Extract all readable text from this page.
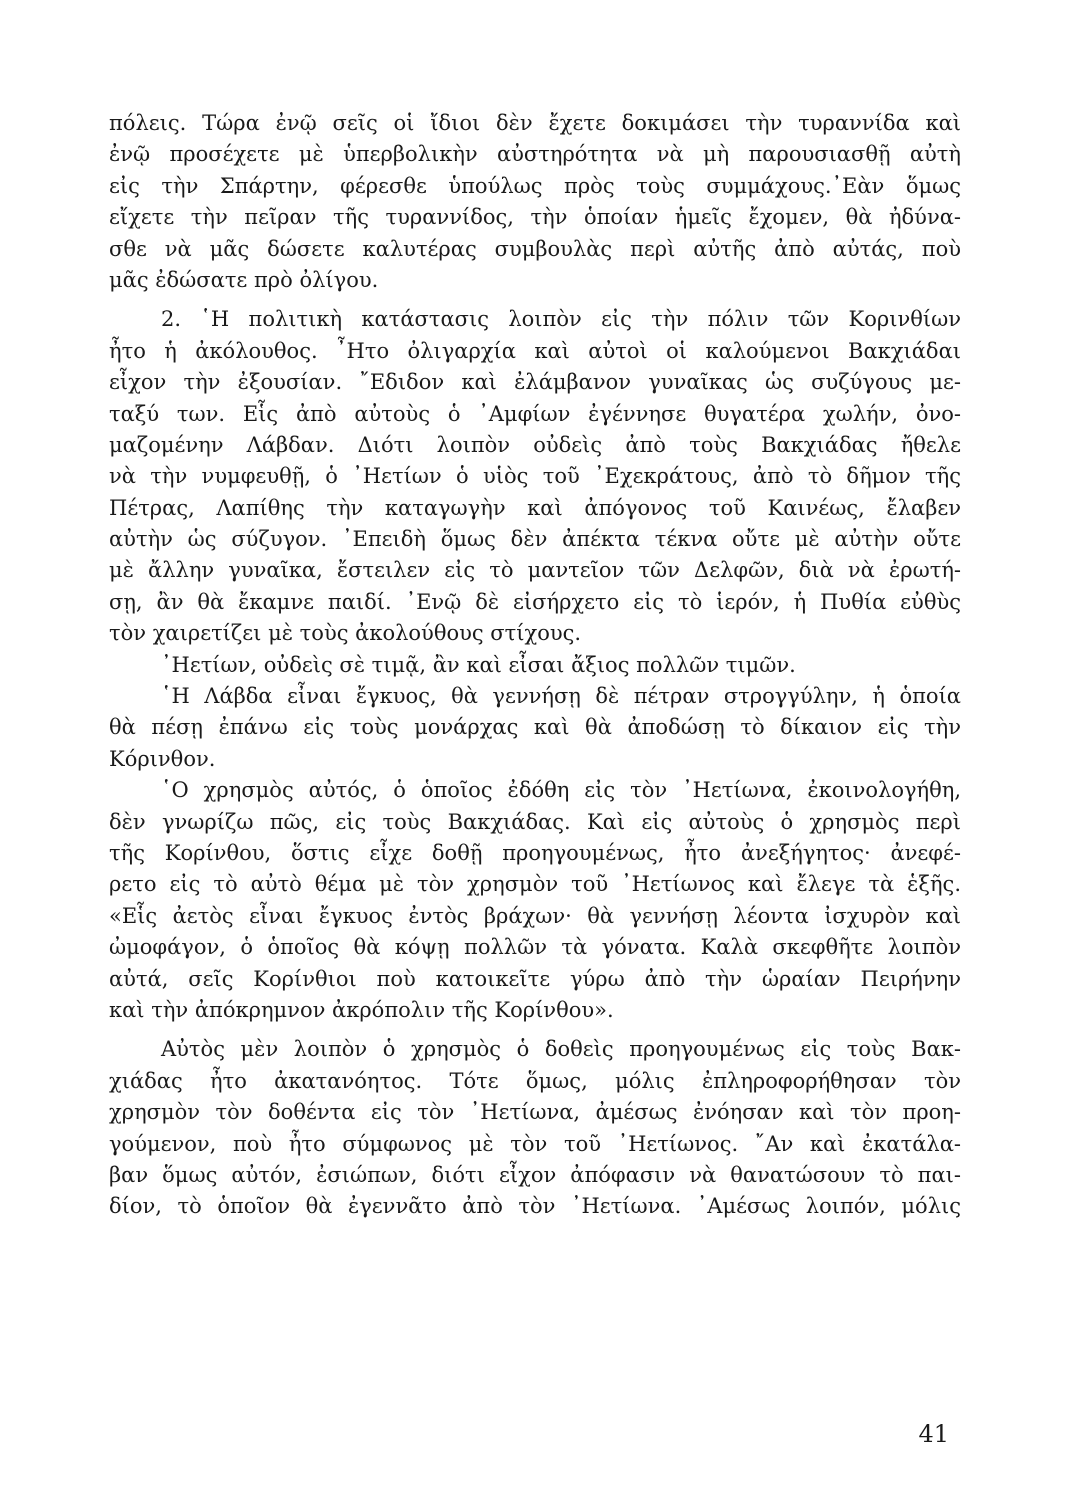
πόλεις. Τώρα ἐνῷ σεῖς οἱ ἴδιοι δὲν ἔχετε δοκιμάσει τὴν τυραννίδα καὶ
ἐνῷ προσέχετε μὲ ὑπερβολικὴν αὐστηρότητα νὰ μὴ παρουσιασθῇ αὐτὴ
εἰς τὴν Σπάρτην, φέρεσθε ὑπούλως πρὸς τοὺς συμμάχους.᾿Εὰν ὅμως
εἴχετε τὴν πεῖραν τῆς τυραννίδος, τὴν ὁποίαν ἡμεῖς ἔχομεν, θὰ ἠδύνα-
σθε νὰ μᾶς δώσετε καλυτέρας συμβουλὰς περὶ αὐτῆς ἀπὸ αὐτάς, ποὺ
μᾶς ἐδώσατε πρὸ ὀλίγου.
2. ῾Η πολιτικὴ κατάστασις λοιπὸν εἰς τὴν πόλιν τῶν Κορινθίων
ἦτο ἡ ἀκόλουθος. ῏Ητο ὀλιγαρχία καὶ αὐτοὶ οἱ καλούμενοι Βακχιάδαι
εἶχον τὴν ἐξουσίαν. ῎Εδιδον καὶ ἐλάμβανον γυναῖκας ὡς συζύγους με-
ταξύ των. Εἷς ἀπὸ αὐτοὺς ὁ ᾿Αμφίων ἐγέννησε θυγατέρα χωλήν, ὀνο-
μαζομένην Λάβδαν. Διότι λοιπὸν οὐδεὶς ἀπὸ τοὺς Βακχιάδας ἤθελε
νὰ τὴν νυμφευθῇ, ὁ ᾿Ηετίων ὁ υἱὸς τοῦ ᾿Εχεκράτους, ἀπὸ τὸ δῆμον τῆς
Πέτρας, Λαπίθης τὴν καταγωγὴν καὶ ἀπόγονος τοῦ Καινέως, ἔλαβεν
αὐτὴν ὡς σύζυγον. ᾿Επειδὴ ὅμως δὲν ἀπέκτα τέκνα οὔτε μὲ αὐτὴν οὔτε
μὲ ἄλλην γυναῖκα, ἔστειλεν εἰς τὸ μαντεῖον τῶν Δελφῶν, διὰ νὰ ἐρωτή-
σῃ, ἂν θὰ ἔκαμνε παιδί. ᾿Ενῷ δὲ εἰσήρχετο εἰς τὸ ἱερόν, ἡ Πυθία εὐθὺς
τὸν χαιρετίζει μὲ τοὺς ἀκολούθους στίχους.
᾿Ηετίων, οὐδεὶς σὲ τιμᾷ, ἂν καὶ εἶσαι ἄξιος πολλῶν τιμῶν.
῾Η Λάβδα εἶναι ἔγκυος, θὰ γεννήσῃ δὲ πέτραν στρογγύλην, ἡ ὁποία
θὰ πέσῃ ἐπάνω εἰς τοὺς μονάρχας καὶ θὰ ἀποδώσῃ τὸ δίκαιον εἰς τὴν
Κόρινθον.
῾Ο χρησμὸς αὐτός, ὁ ὁποῖος ἐδόθη εἰς τὸν ᾿Ηετίωνα, ἐκοινολογήθη,
δὲν γνωρίζω πῶς, εἰς τοὺς Βακχιάδας. Καὶ εἰς αὐτοὺς ὁ χρησμὸς περὶ
τῆς Κορίνθου, ὅστις εἶχε δοθῇ προηγουμένως, ἦτο ἀνεξήγητος· ἀνεφέ-
ρετο εἰς τὸ αὐτὸ θέμα μὲ τὸν χρησμὸν τοῦ ᾿Ηετίωνος καὶ ἔλεγε τὰ ἑξῆς.
«Εἷς ἀετὸς εἶναι ἔγκυος ἐντὸς βράχων· θὰ γεννήσῃ λέοντα ἰσχυρὸν καὶ
ὠμοφάγον, ὁ ὁποῖος θὰ κόψῃ πολλῶν τὰ γόνατα. Καλὰ σκεφθῆτε λοιπὸν
αὐτά, σεῖς Κορίνθιοι ποὺ κατοικεῖτε γύρω ἀπὸ τὴν ὡραίαν Πειρήνην
καὶ τὴν ἀπόκρημνον ἀκρόπολιν τῆς Κορίνθου».
Αὐτὸς μὲν λοιπὸν ὁ χρησμὸς ὁ δοθεὶς προηγουμένως εἰς τοὺς Βακ-
χιάδας ἦτο ἀκατανόητος. Τότε ὅμως, μόλις ἐπληροφορήθησαν τὸν
χρησμὸν τὸν δοθέντα εἰς τὸν ᾿Ηετίωνα, ἀμέσως ἐνόησαν καὶ τὸν προη-
γούμενον, ποὺ ἦτο σύμφωνος μὲ τὸν τοῦ ᾿Ηετίωνος. ῎Αν καὶ ἐκατάλα-
βαν ὅμως αὐτόν, ἐσιώπων, διότι εἶχον ἀπόφασιν νὰ θανατώσουν τὸ παι-
δίον, τὸ ὁποῖον θὰ ἐγεννᾶτο ἀπὸ τὸν ᾿Ηετίωνα. ᾿Αμέσως λοιπόν, μόλις
41
